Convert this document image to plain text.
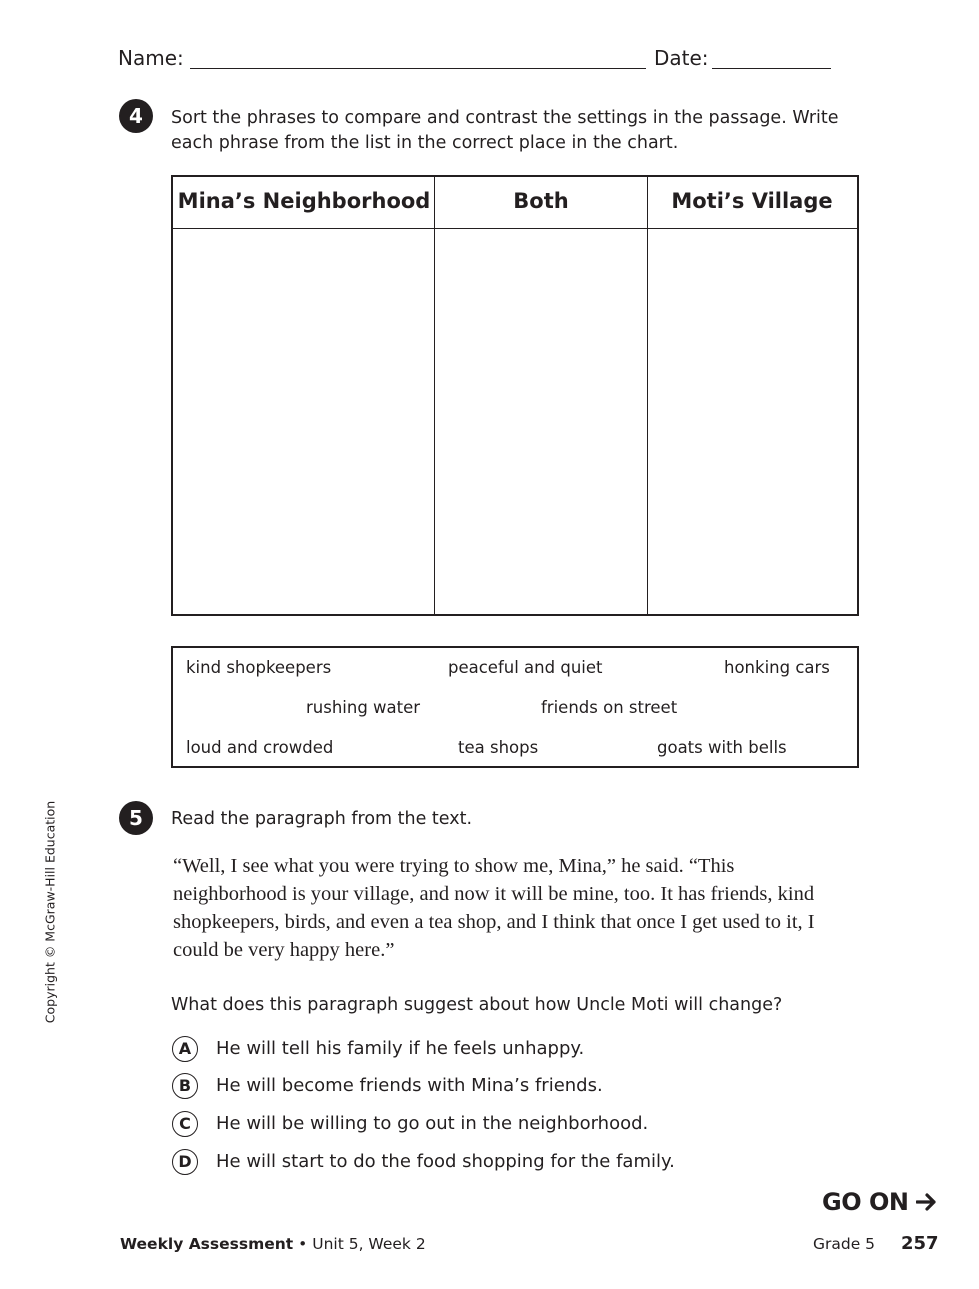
Name:	Date:
4	Sort the phrases to compare and contrast the settings in the passage. Write each phrase from the list in the correct place in the chart.
Mina’s Neighborhood	Both	Moti’s Village
kind shopkeepers	peaceful and quiet	honking cars
rushing water	friends on street
loud and crowded	tea shops	goats with bells
5	Read the paragraph from the text.
“Well, I see what you were trying to show me, Mina,” he said. “This neighborhood is your village, and now it will be mine, too. It has friends, kind shopkeepers, birds, and even a tea shop, and I think that once I get used to it, I could be very happy here.”
What does this paragraph suggest about how Uncle Moti will change?
A	He will tell his family if he feels unhappy.
B	He will become friends with Mina’s friends.
C	He will be willing to go out in the neighborhood.
D	He will start to do the food shopping for the family.
Copyright © McGraw-Hill Education
GO ON
Weekly Assessment • Unit 5, Week 2	Grade 5 257
